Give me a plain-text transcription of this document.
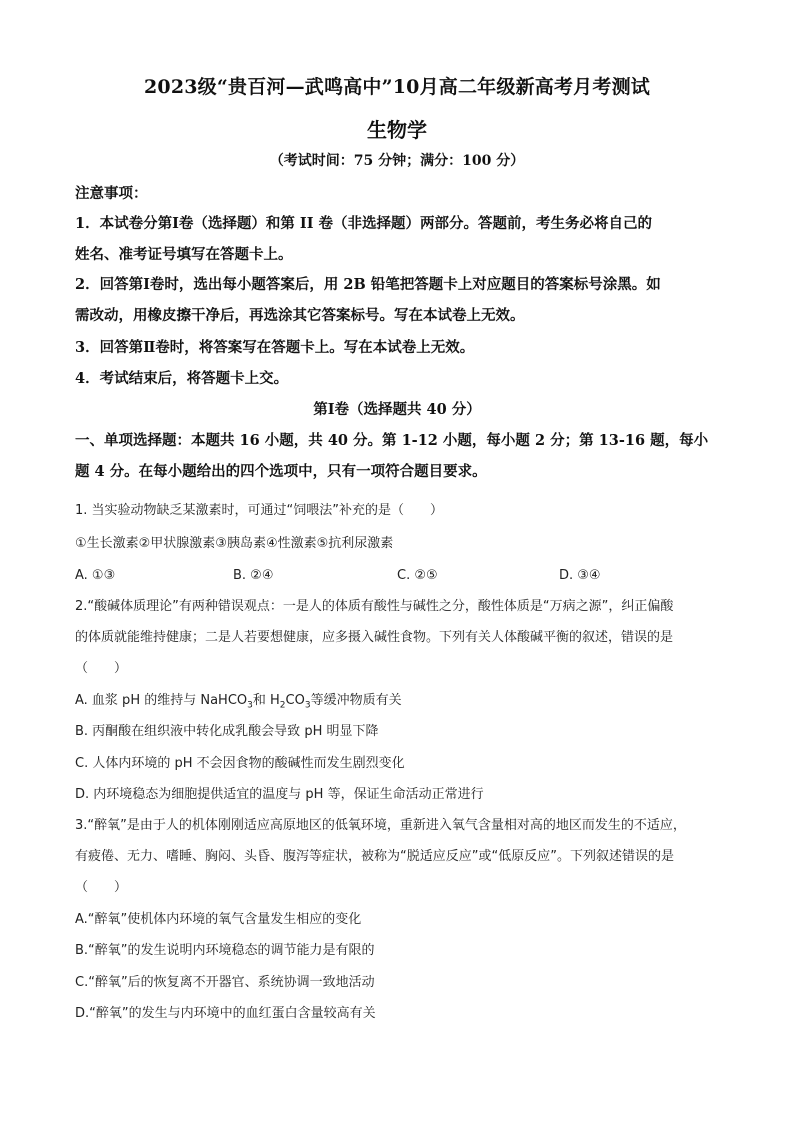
2023级“贵百河—武鸣高中”10月高二年级新高考月考测试
生物学
（考试时间：75 分钟；满分：100 分）
注意事项：
1．本试卷分第Ⅰ卷（选择题）和第 II 卷（非选择题）两部分。答题前，考生务必将自己的
姓名、准考证号填写在答题卡上。
2．回答第Ⅰ卷时，选出每小题答案后，用 2B 铅笔把答题卡上对应题目的答案标号涂黑。如
需改动，用橡皮擦干净后，再选涂其它答案标号。写在本试卷上无效。
3．回答第Ⅱ卷时，将答案写在答题卡上。写在本试卷上无效。
4．考试结束后，将答题卡上交。
第Ⅰ卷（选择题共 40 分）
一、单项选择题：本题共 16 小题，共 40 分。第 1-12 小题，每小题 2 分；第 13-16 题，每小
题 4 分。在每小题给出的四个选项中，只有一项符合题目要求。
1. 当实验动物缺乏某激素时，可通过“饲喂法”补充的是（　　）
①生长激素②甲状腺激素③胰岛素④性激素⑤抗利尿激素
A. ①③	B. ②④	C. ②⑤	D. ③④
2.“酸碱体质理论”有两种错误观点：一是人的体质有酸性与碱性之分，酸性体质是“万病之源”，纠正偏酸
的体质就能维持健康；二是人若要想健康，应多摄入碱性食物。下列有关人体酸碱平衡的叙述，错误的是
（　　）
A. 血浆 pH 的维持与 NaHCO$_3$和 $H_2CO_3$等缓冲物质有关
B. 丙酮酸在组织液中转化成乳酸会导致 pH 明显下降
C. 人体内环境的 pH 不会因食物的酸碱性而发生剧烈变化
D. 内环境稳态为细胞提供适宜的温度与 pH 等，保证生命活动正常进行
3.“醉氧”是由于人的机体刚刚适应高原地区的低氧环境，重新进入氧气含量相对高的地区而发生的不适应，
有疲倦、无力、嗜睡、胸闷、头昏、腹泻等症状，被称为“脱适应反应”或“低原反应”。下列叙述错误的是
（　　）
A.“醉氧”使机体内环境的氧气含量发生相应的变化
B.“醉氧”的发生说明内环境稳态的调节能力是有限的
C.“醉氧”后的恢复离不开器官、系统协调一致地活动
D.“醉氧”的发生与内环境中的血红蛋白含量较高有关
